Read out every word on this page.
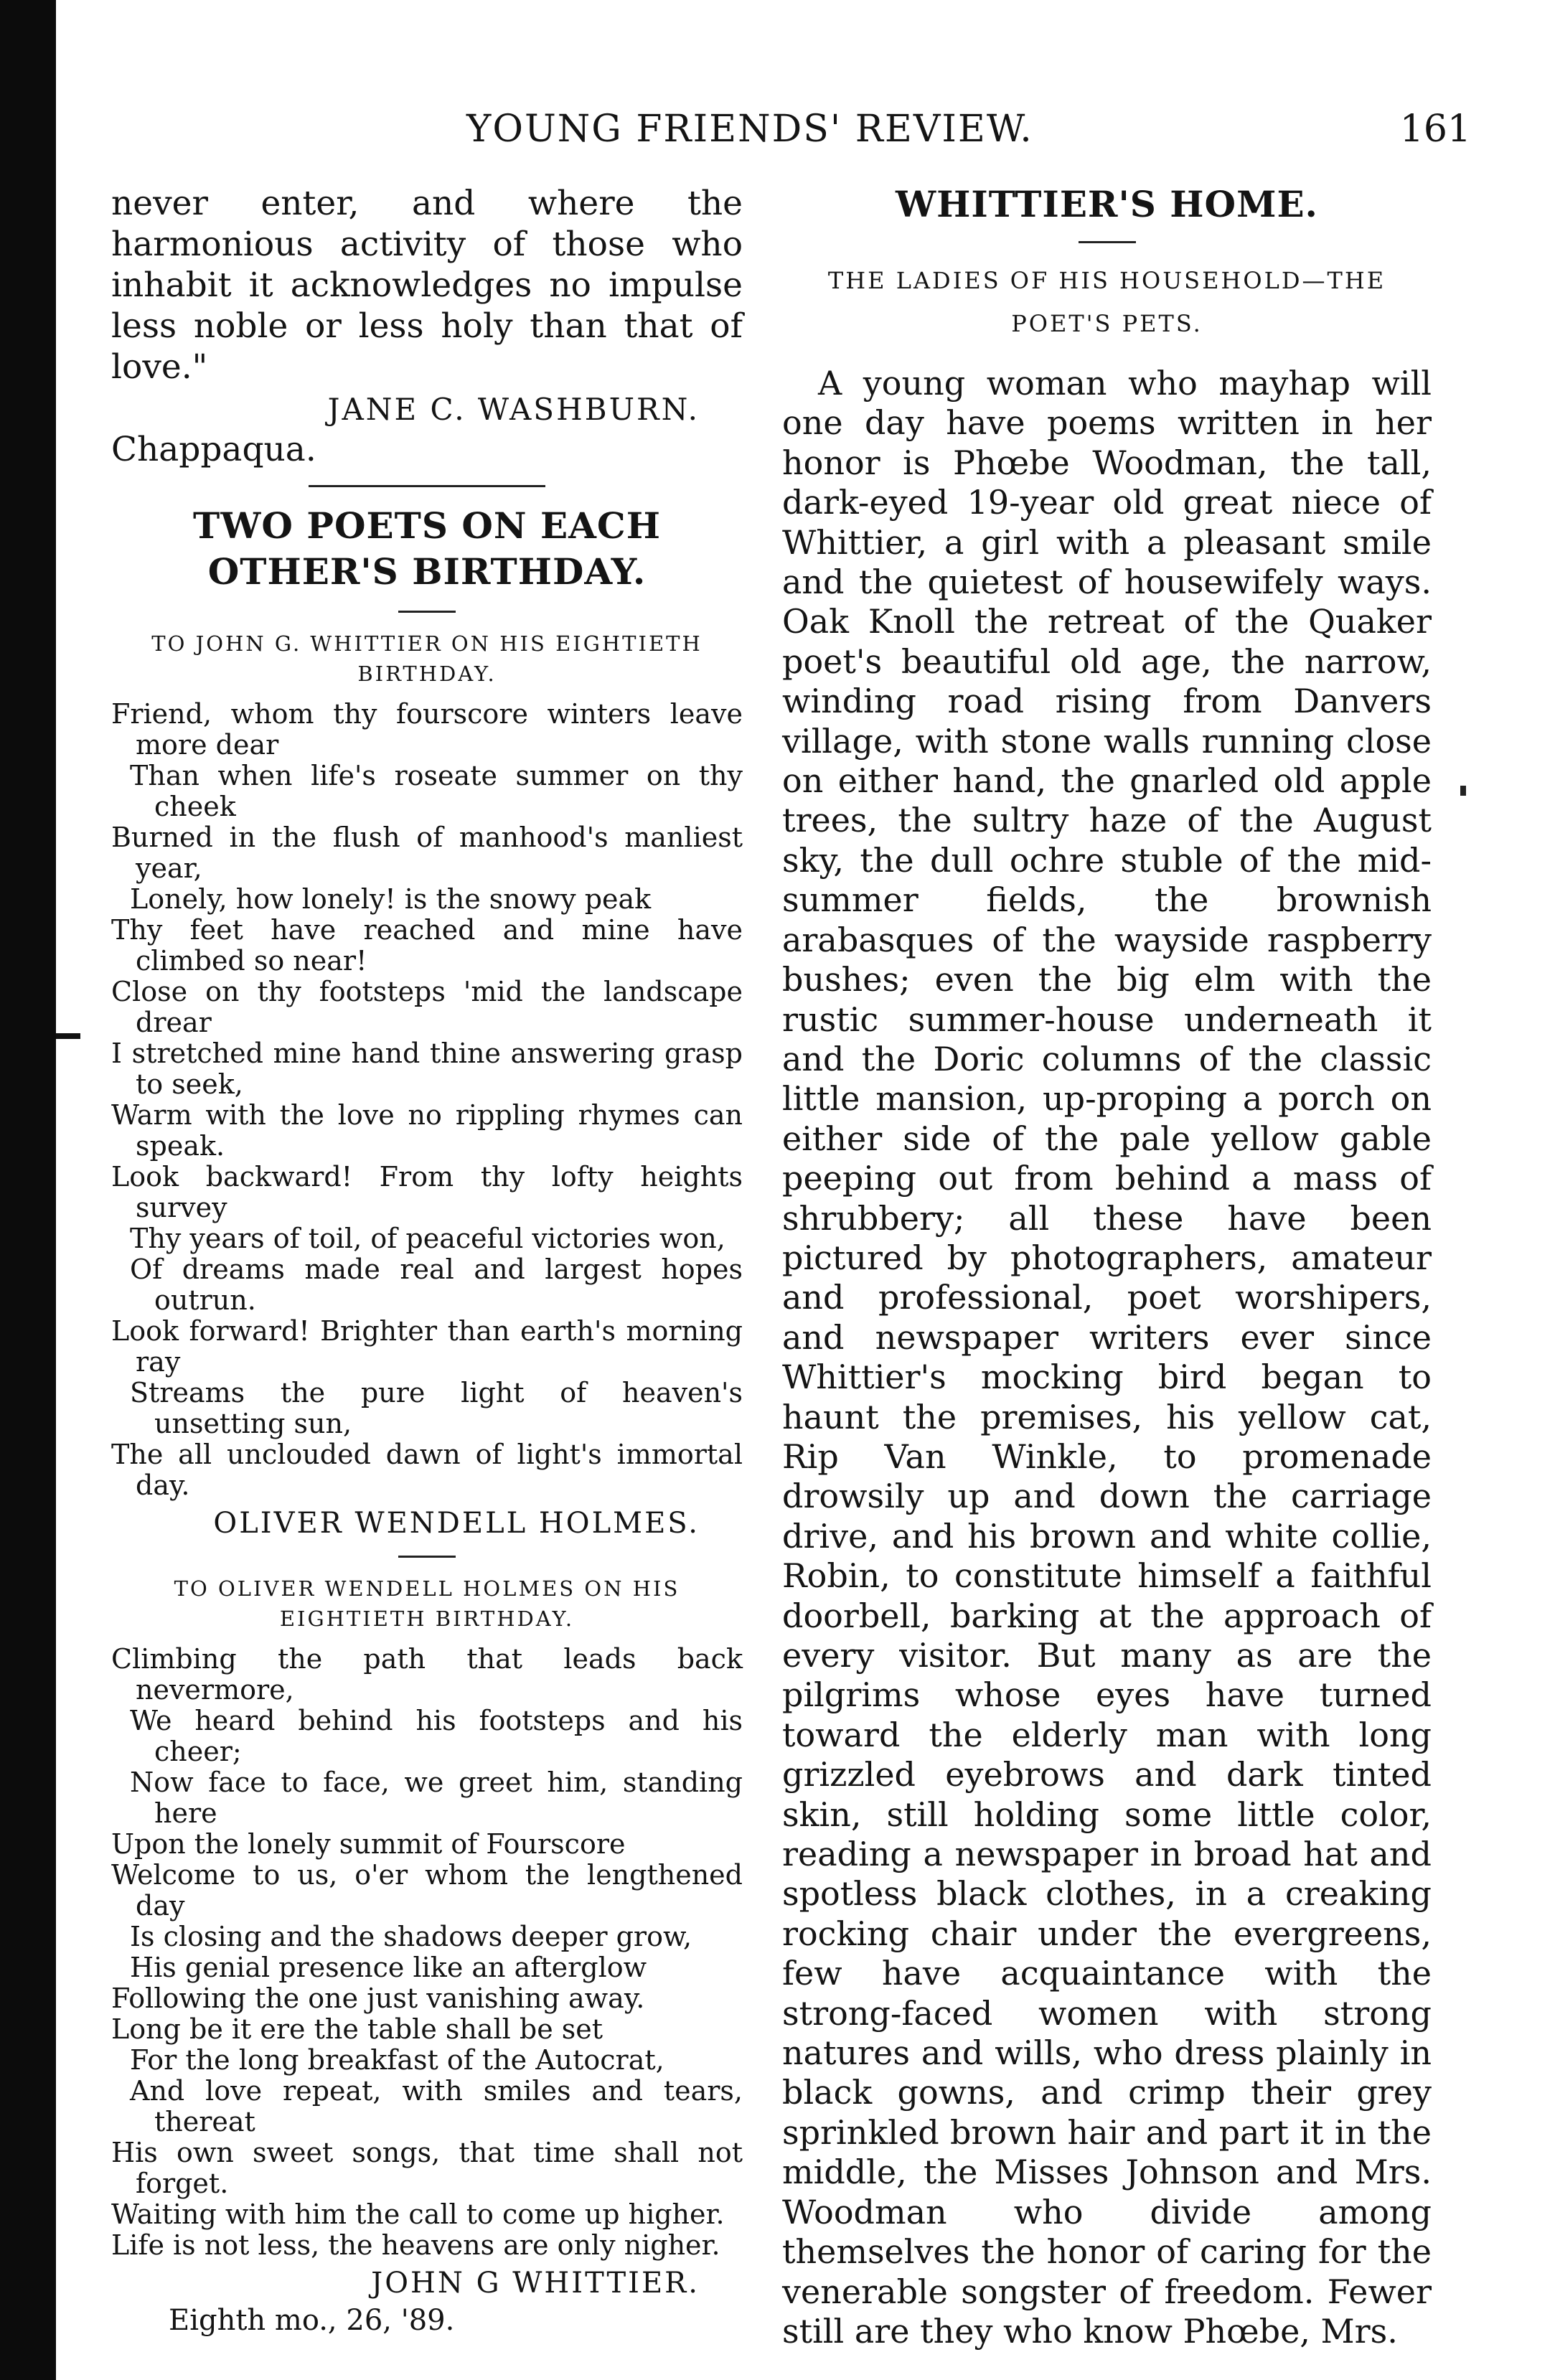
YOUNG FRIENDS' REVIEW.	161

never enter, and where the harmonious activity of those who inhabit it acknowledges no impulse less noble or less holy than that of love."

JANE C. WASHBURN.

Chappaqua.

TWO POETS ON EACH OTHER'S BIRTHDAY.

TO JOHN G. WHITTIER ON HIS EIGHTIETH BIRTHDAY.

Friend, whom thy fourscore winters leave more dear
Than when life's roseate summer on thy cheek
Burned in the flush of manhood's manliest year,
Lonely, how lonely! is the snowy peak
Thy feet have reached and mine have climbed so near!
Close on thy footsteps 'mid the landscape drear
I stretched mine hand thine answering grasp to seek,
Warm with the love no rippling rhymes can speak.
Look backward! From thy lofty heights survey
Thy years of toil, of peaceful victories won,
Of dreams made real and largest hopes outrun.
Look forward! Brighter than earth's morning ray
Streams the pure light of heaven's unsetting sun,
The all unclouded dawn of light's immortal day.

OLIVER WENDELL HOLMES.

TO OLIVER WENDELL HOLMES ON HIS EIGHTIETH BIRTHDAY.

Climbing the path that leads back nevermore,
We heard behind his footsteps and his cheer;
Now face to face, we greet him, standing here
Upon the lonely summit of Fourscore
Welcome to us, o'er whom the lengthened day
Is closing and the shadows deeper grow,
His genial presence like an afterglow
Following the one just vanishing away.
Long be it ere the table shall be set
For the long breakfast of the Autocrat,
And love repeat, with smiles and tears, thereat
His own sweet songs, that time shall not forget.
Waiting with him the call to come up higher.
Life is not less, the heavens are only nigher.

JOHN G WHITTIER.

Eighth mo., 26, '89.

WHITTIER'S HOME.

THE LADIES OF HIS HOUSEHOLD—THE POET'S PETS.

A young woman who mayhap will one day have poems written in her honor is Phœbe Woodman, the tall, dark-eyed 19-year old great niece of Whittier, a girl with a pleasant smile and the quietest of housewifely ways. Oak Knoll the retreat of the Quaker poet's beautiful old age, the narrow, winding road rising from Danvers village, with stone walls running close on either hand, the gnarled old apple trees, the sultry haze of the August sky, the dull ochre stuble of the mid-summer fields, the brownish arabasques of the wayside raspberry bushes; even the big elm with the rustic summer-house underneath it and the Doric columns of the classic little mansion, up-proping a porch on either side of the pale yellow gable peeping out from behind a mass of shrubbery; all these have been pictured by photographers, amateur and professional, poet worshipers, and newspaper writers ever since Whittier's mocking bird began to haunt the premises, his yellow cat, Rip Van Winkle, to promenade drowsily up and down the carriage drive, and his brown and white collie, Robin, to constitute himself a faithful doorbell, barking at the approach of every visitor. But many as are the pilgrims whose eyes have turned toward the elderly man with long grizzled eyebrows and dark tinted skin, still holding some little color, reading a newspaper in broad hat and spotless black clothes, in a creaking rocking chair under the evergreens, few have acquaintance with the strong-faced women with strong natures and wills, who dress plainly in black gowns, and crimp their grey sprinkled brown hair and part it in the middle, the Misses Johnson and Mrs. Woodman who divide among themselves the honor of caring for the venerable songster of freedom. Fewer still are they who know Phœbe, Mrs.
